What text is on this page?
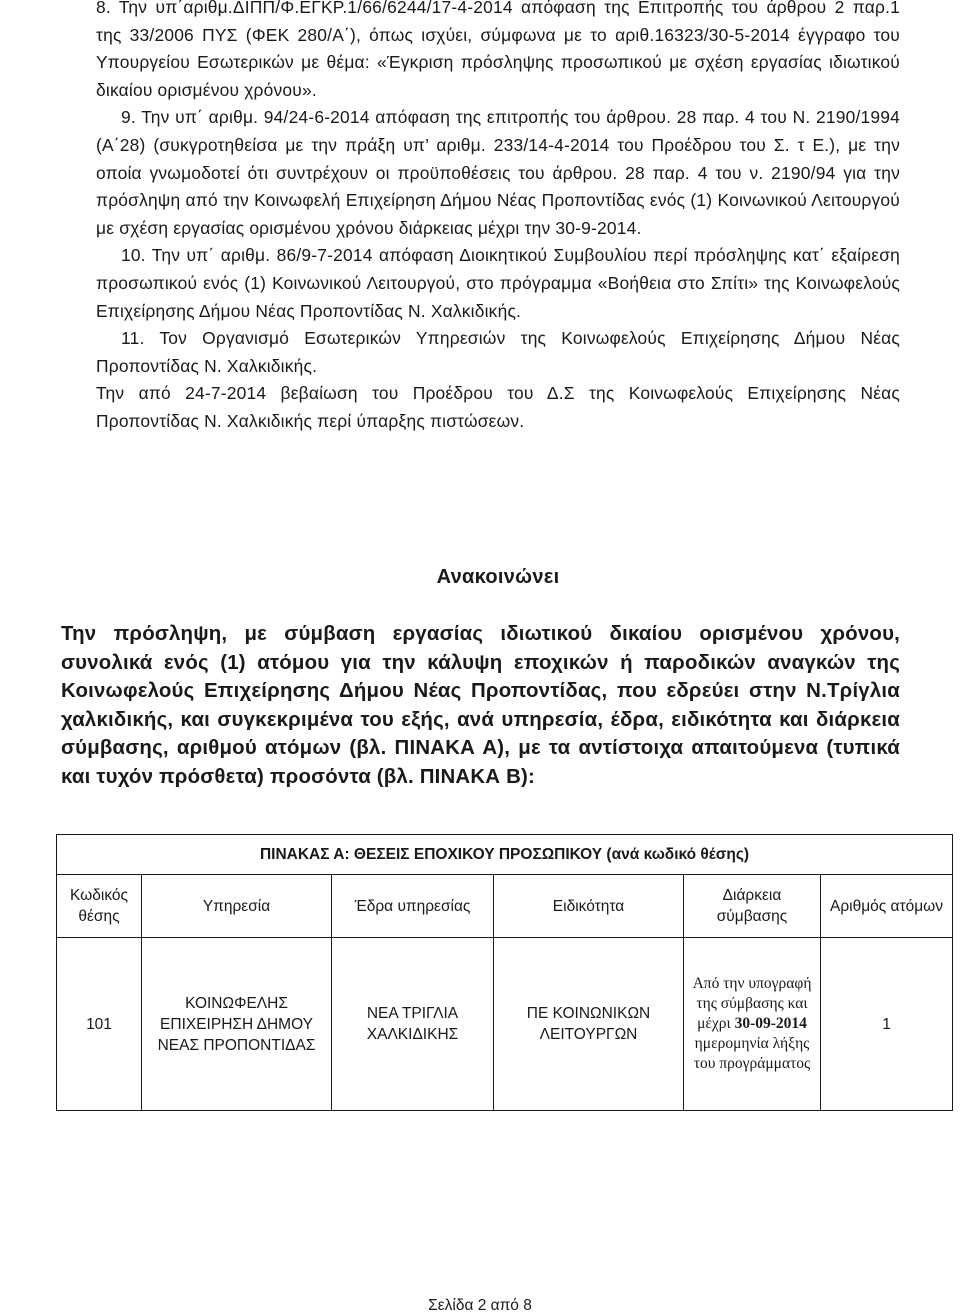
8. Την υπ΄αριθμ.ΔΙΠΠ/Φ.ΕΓΚΡ.1/66/6244/17-4-2014 απόφαση της Επιτροπής του άρθρου 2 παρ.1 της 33/2006 ΠΥΣ (ΦΕΚ 280/Α΄), όπως ισχύει, σύμφωνα με το αριθ.16323/30-5-2014 έγγραφο του Υπουργείου Εσωτερικών με θέμα: «Έγκριση πρόσληψης προσωπικού με σχέση εργασίας ιδιωτικού δικαίου ορισμένου χρόνου».

9. Την υπ΄ αριθμ. 94/24-6-2014 απόφαση της επιτροπής του άρθρου. 28 παρ. 4 του Ν. 2190/1994 (Α΄28) (συκγροτηθείσα με την πράξη υπ’ αριθμ. 233/14-4-2014 του Προέδρου του Σ. τ Ε.), με την οποία γνωμοδοτεί ότι συντρέχουν οι προϋποθέσεις του άρθρου. 28 παρ. 4 του ν. 2190/94 για την πρόσληψη από την Κοινωφελή Επιχείρηση Δήμου Νέας Προποντίδας ενός (1) Κοινωνικού Λειτουργού με σχέση εργασίας ορισμένου χρόνου διάρκειας μέχρι την 30-9-2014.

10. Την υπ΄ αριθμ. 86/9-7-2014 απόφαση Διοικητικού Συμβουλίου περί πρόσληψης κατ΄ εξαίρεση προσωπικού ενός (1) Κοινωνικού Λειτουργού, στο πρόγραμμα «Βοήθεια στο Σπίτι» της Κοινωφελούς Επιχείρησης Δήμου Νέας Προποντίδας Ν. Χαλκιδικής.

11. Τον Οργανισμό Εσωτερικών Υπηρεσιών της Κοινωφελούς Επιχείρησης Δήμου Νέας Προποντίδας Ν. Χαλκιδικής.

Την από 24-7-2014 βεβαίωση του Προέδρου του Δ.Σ της Κοινωφελούς Επιχείρησης Νέας Προποντίδας Ν. Χαλκιδικής περί ύπαρξης πιστώσεων.

Ανακοινώνει

Την πρόσληψη, με σύμβαση εργασίας ιδιωτικού δικαίου ορισμένου χρόνου, συνολικά ενός (1) ατόμου για την κάλυψη εποχικών ή παροδικών αναγκών της Κοινωφελούς Επιχείρησης Δήμου Νέας Προποντίδας, που εδρεύει στην Ν.Τρίγλια χαλκιδικής, και συγκεκριμένα του εξής, ανά υπηρεσία, έδρα, ειδικότητα και διάρκεια σύμβασης, αριθμού ατόμων (βλ. ΠΙΝΑΚΑ Α), με τα αντίστοιχα απαιτούμενα (τυπικά και τυχόν πρόσθετα) προσόντα (βλ. ΠΙΝΑΚΑ Β):

ΠΙΝΑΚΑΣ Α: ΘΕΣΕΙΣ ΕΠΟΧΙΚΟΥ ΠΡΟΣΩΠΙΚΟΥ (ανά κωδικό θέσης)					
Κωδικός θέσης	Υπηρεσία	Έδρα υπηρεσίας	Ειδικότητα	Διάρκεια σύμβασης	Αριθμός ατόμων
101	ΚΟΙΝΩΦΕΛΗΣ ΕΠΙΧΕΙΡΗΣΗ ΔΗΜΟΥ ΝΕΑΣ ΠΡΟΠΟΝΤΙΔΑΣ	ΝΕΑ ΤΡΙΓΛΙΑ ΧΑΛΚΙΔΙΚΗΣ	ΠΕ ΚΟΙΝΩΝΙΚΩΝ ΛΕΙΤΟΥΡΓΩΝ	Από την υπογραφή της σύμβασης και μέχρι 30-09-2014 ημερομηνία λήξης του προγράμματος	1
Σελίδα 2 από 8
